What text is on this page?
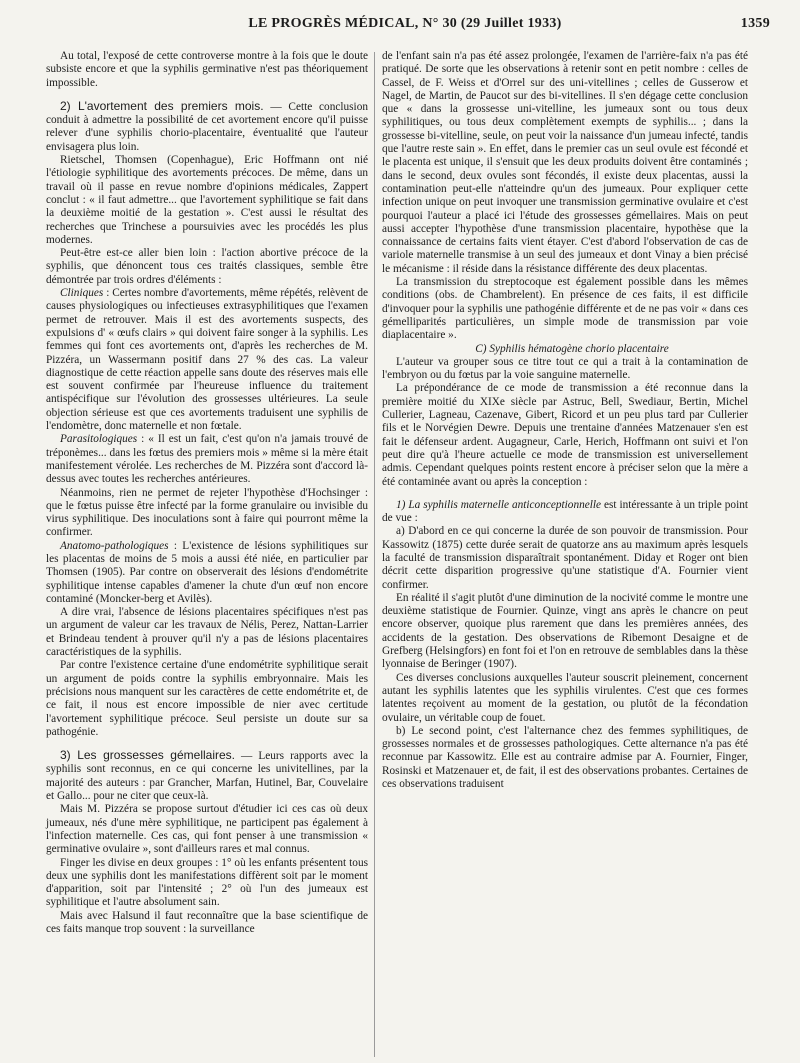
LE PROGRÈS MÉDICAL, N° 30 (29 Juillet 1933)	1359

Au total, l'exposé de cette controverse montre à la fois que le doute subsiste encore et que la syphilis germinative n'est pas théoriquement impossible.

2) L'avortement des premiers mois. — Cette conclusion conduit à admettre la possibilité de cet avortement encore qu'il puisse relever d'une syphilis chorio-placentaire, éventualité que l'auteur envisagera plus loin.

Rietschel, Thomsen (Copenhague), Eric Hoffmann ont nié l'étiologie syphilitique des avortements précoces. De même, dans un travail où il passe en revue nombre d'opinions médicales, Zappert conclut : « il faut admettre... que l'avortement syphilitique se fait dans la deuxième moitié de la gestation ». C'est aussi le résultat des recherches que Trinchese a poursuivies avec les procédés les plus modernes.

Peut-être est-ce aller bien loin : l'action abortive précoce de la syphilis, que dénoncent tous ces traités classiques, semble être démontrée par trois ordres d'éléments :

Cliniques : Certes nombre d'avortements, même répétés, relèvent de causes physiologiques ou infectieuses extrasyphilitiques que l'examen permet de retrouver. Mais il est des avortements suspects, des expulsions d' « œufs clairs » qui doivent faire songer à la syphilis. Les femmes qui font ces avortements ont, d'après les recherches de M. Pizzéra, un Wassermann positif dans 27 % des cas. La valeur diagnostique de cette réaction appelle sans doute des réserves mais elle est souvent confirmée par l'heureuse influence du traitement antispécifique sur l'évolution des grossesses ultérieures. La seule objection sérieuse est que ces avortements traduisent une syphilis de l'endomètre, donc maternelle et non fœtale.

Parasitologiques : « Il est un fait, c'est qu'on n'a jamais trouvé de tréponèmes... dans les fœtus des premiers mois » même si la mère était manifestement vérolée. Les recherches de M. Pizzéra sont d'accord là-dessus avec toutes les recherches antérieures.

Néanmoins, rien ne permet de rejeter l'hypothèse d'Hochsinger : que le fœtus puisse être infecté par la forme granulaire ou invisible du virus syphilitique. Des inoculations sont à faire qui pourront même la confirmer.

Anatomo-pathologiques : L'existence de lésions syphilitiques sur les placentas de moins de 5 mois a aussi été niée, en particulier par Thomsen (1905). Par contre on observerait des lésions d'endométrite syphilitique intense capables d'amener la chute d'un œuf non encore contaminé (Moncker-berg et Avilès).

A dire vrai, l'absence de lésions placentaires spécifiques n'est pas un argument de valeur car les travaux de Nélis, Perez, Nattan-Larrier et Brindeau tendent à prouver qu'il n'y a pas de lésions placentaires caractéristiques de la syphilis.

Par contre l'existence certaine d'une endométrite syphilitique serait un argument de poids contre la syphilis embryonnaire. Mais les précisions nous manquent sur les caractères de cette endométrite et, de ce fait, il nous est encore impossible de nier avec certitude l'avortement syphilitique précoce. Seul persiste un doute sur sa pathogénie.

3) Les grossesses gémellaires. — Leurs rapports avec la syphilis sont reconnus, en ce qui concerne les univitellines, par la majorité des auteurs : par Grancher, Marfan, Hutinel, Bar, Couvelaire et Gallo... pour ne citer que ceux-là.

Mais M. Pizzéra se propose surtout d'étudier ici ces cas où deux jumeaux, nés d'une mère syphilitique, ne participent pas également à l'infection maternelle. Ces cas, qui font penser à une transmission « germinative ovulaire », sont d'ailleurs rares et mal connus.

Finger les divise en deux groupes : 1° où les enfants présentent tous deux une syphilis dont les manifestations diffèrent soit par le moment d'apparition, soit par l'intensité ; 2° où l'un des jumeaux est syphilitique et l'autre absolument sain.

Mais avec Halsund il faut reconnaître que la base scientifique de ces faits manque trop souvent : la surveillance

de l'enfant sain n'a pas été assez prolongée, l'examen de l'arrière-faix n'a pas été pratiqué. De sorte que les observations à retenir sont en petit nombre : celles de Cassel, de F. Weiss et d'Orrel sur des uni-vitellines ; celles de Gusserow et Nagel, de Martin, de Paucot sur des bi-vitellines. Il s'en dégage cette conclusion que « dans la grossesse uni-vitelline, les jumeaux sont ou tous deux syphilitiques, ou tous deux complètement exempts de syphilis... ; dans la grossesse bi-vitelline, seule, on peut voir la naissance d'un jumeau infecté, tandis que l'autre reste sain ». En effet, dans le premier cas un seul ovule est fécondé et le placenta est unique, il s'ensuit que les deux produits doivent être contaminés ; dans le second, deux ovules sont fécondés, il existe deux placentas, aussi la contamination peut-elle n'atteindre qu'un des jumeaux. Pour expliquer cette infection unique on peut invoquer une transmission germinative ovulaire et c'est pourquoi l'auteur a placé ici l'étude des grossesses gémellaires. Mais on peut aussi accepter l'hypothèse d'une transmission placentaire, hypothèse que la connaissance de certains faits vient étayer. C'est d'abord l'observation de cas de variole maternelle transmise à un seul des jumeaux et dont Vinay a bien précisé le mécanisme : il réside dans la résistance différente des deux placentas.

La transmission du streptocoque est également possible dans les mêmes conditions (obs. de Chambrelent). En présence de ces faits, il est difficile d'invoquer pour la syphilis une pathogénie différente et de ne pas voir « dans ces gémelliparités particulières, un simple mode de transmission par voie diaplacentaire ».

C) Syphilis hématogène chorio placentaire

L'auteur va grouper sous ce titre tout ce qui a trait à la contamination de l'embryon ou du fœtus par la voie sanguine maternelle.

La prépondérance de ce mode de transmission a été reconnue dans la première moitié du XIXe siècle par Astruc, Bell, Swediaur, Bertin, Michel Cullerier, Lagneau, Cazenave, Gibert, Ricord et un peu plus tard par Cullerier fils et le Norvégien Dewre. Depuis une trentaine d'années Matzenauer s'en est fait le défenseur ardent. Augagneur, Carle, Herich, Hoffmann ont suivi et l'on peut dire qu'à l'heure actuelle ce mode de transmission est universellement admis. Cependant quelques points restent encore à préciser selon que la mère a été contaminée avant ou après la conception :

1) La syphilis maternelle anticonceptionnelle est intéressante à un triple point de vue :

a) D'abord en ce qui concerne la durée de son pouvoir de transmission. Pour Kassowitz (1875) cette durée serait de quatorze ans au maximum après lesquels la faculté de transmission disparaîtrait spontanément. Diday et Roger ont bien décrit cette disparition progressive qu'une statistique d'A. Fournier vient confirmer.

En réalité il s'agit plutôt d'une diminution de la nocivité comme le montre une deuxième statistique de Fournier. Quinze, vingt ans après le chancre on peut encore observer, quoique plus rarement que dans les premières années, des accidents de la gestation. Des observations de Ribemont Desaigne et de Grefberg (Helsingfors) en font foi et l'on en retrouve de semblables dans la thèse lyonnaise de Beringer (1907).

Ces diverses conclusions auxquelles l'auteur souscrit pleinement, concernent autant les syphilis latentes que les syphilis virulentes. C'est que ces formes latentes reçoivent au moment de la gestation, ou plutôt de la fécondation ovulaire, un véritable coup de fouet.

b) Le second point, c'est l'alternance chez des femmes syphilitiques, de grossesses normales et de grossesses pathologiques. Cette alternance n'a pas été reconnue par Kassowitz. Elle est au contraire admise par A. Fournier, Finger, Rosinski et Matzenauer et, de fait, il est des observations probantes. Certaines de ces observations traduisent
